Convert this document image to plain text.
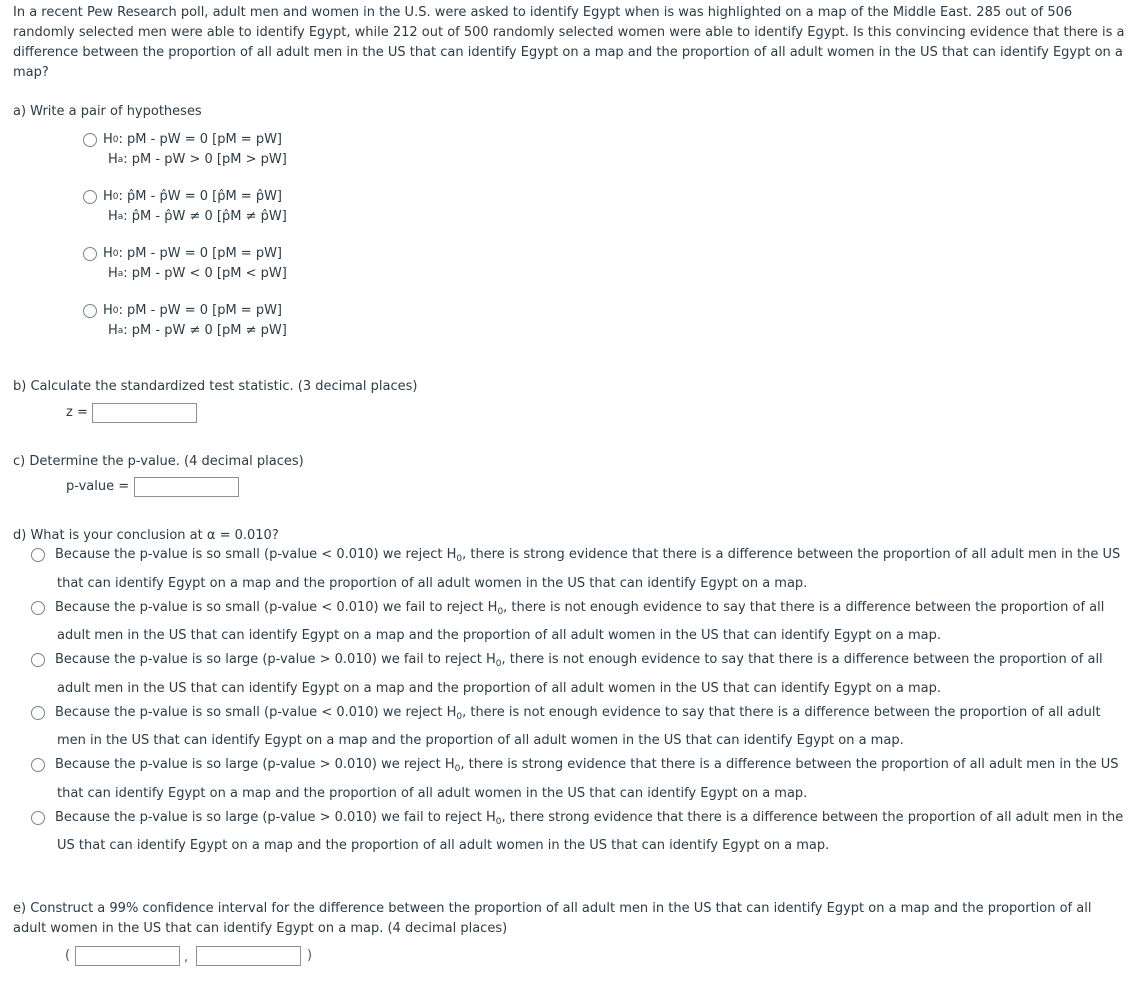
In a recent Pew Research poll, adult men and women in the U.S. were asked to identify Egypt when is was highlighted on a map of the Middle East. 285 out of 506 randomly selected men were able to identify Egypt, while 212 out of 500 randomly selected women were able to identify Egypt. Is this convincing evidence that there is a difference between the proportion of all adult men in the US that can identify Egypt on a map and the proportion of all adult women in the US that can identify Egypt on a map?
a) Write a pair of hypotheses
H 0 : pM - pW = 0 [pM = pW]
H a : pM - pW > 0 [pM > pW]
H 0 : p̂M - p̂W = 0 [p̂M = p̂W]
H a : p̂M - p̂W ≠ 0 [p̂M ≠ p̂W]
H 0 : pM - pW = 0 [pM = pW]
H a : pM - pW < 0 [pM < pW]
H 0 : pM - pW = 0 [pM = pW]
H a : pM - pW ≠ 0 [pM ≠ pW]
b) Calculate the standardized test statistic. (3 decimal places)
z =
c) Determine the p-value. (4 decimal places)
p-value =
d) What is your conclusion at α = 0.010?
Because the p-value is so small (p-value < 0.010) we reject $H_0$, there is strong evidence that there is a difference between the proportion of all adult men in the US
that can identify Egypt on a map and the proportion of all adult women in the US that can identify Egypt on a map.
Because the p-value is so small (p-value < 0.010) we fail to reject $H_0$, there is not enough evidence to say that there is a difference between the proportion of all
adult men in the US that can identify Egypt on a map and the proportion of all adult women in the US that can identify Egypt on a map.
Because the p-value is so large (p-value > 0.010) we fail to reject $H_0$, there is not enough evidence to say that there is a difference between the proportion of all
adult men in the US that can identify Egypt on a map and the proportion of all adult women in the US that can identify Egypt on a map.
Because the p-value is so small (p-value < 0.010) we reject $H_0$, there is not enough evidence to say that there is a difference between the proportion of all adult
men in the US that can identify Egypt on a map and the proportion of all adult women in the US that can identify Egypt on a map.
Because the p-value is so large (p-value > 0.010) we reject $H_0$, there is strong evidence that there is a difference between the proportion of all adult men in the US
that can identify Egypt on a map and the proportion of all adult women in the US that can identify Egypt on a map.
Because the p-value is so large (p-value > 0.010) we fail to reject $H_0$, there strong evidence that there is a difference between the proportion of all adult men in the
US that can identify Egypt on a map and the proportion of all adult women in the US that can identify Egypt on a map.
e) Construct a 99% confidence interval for the difference between the proportion of all adult men in the US that can identify Egypt on a map and the proportion of all adult women in the US that can identify Egypt on a map. (4 decimal places)
(	,	)
